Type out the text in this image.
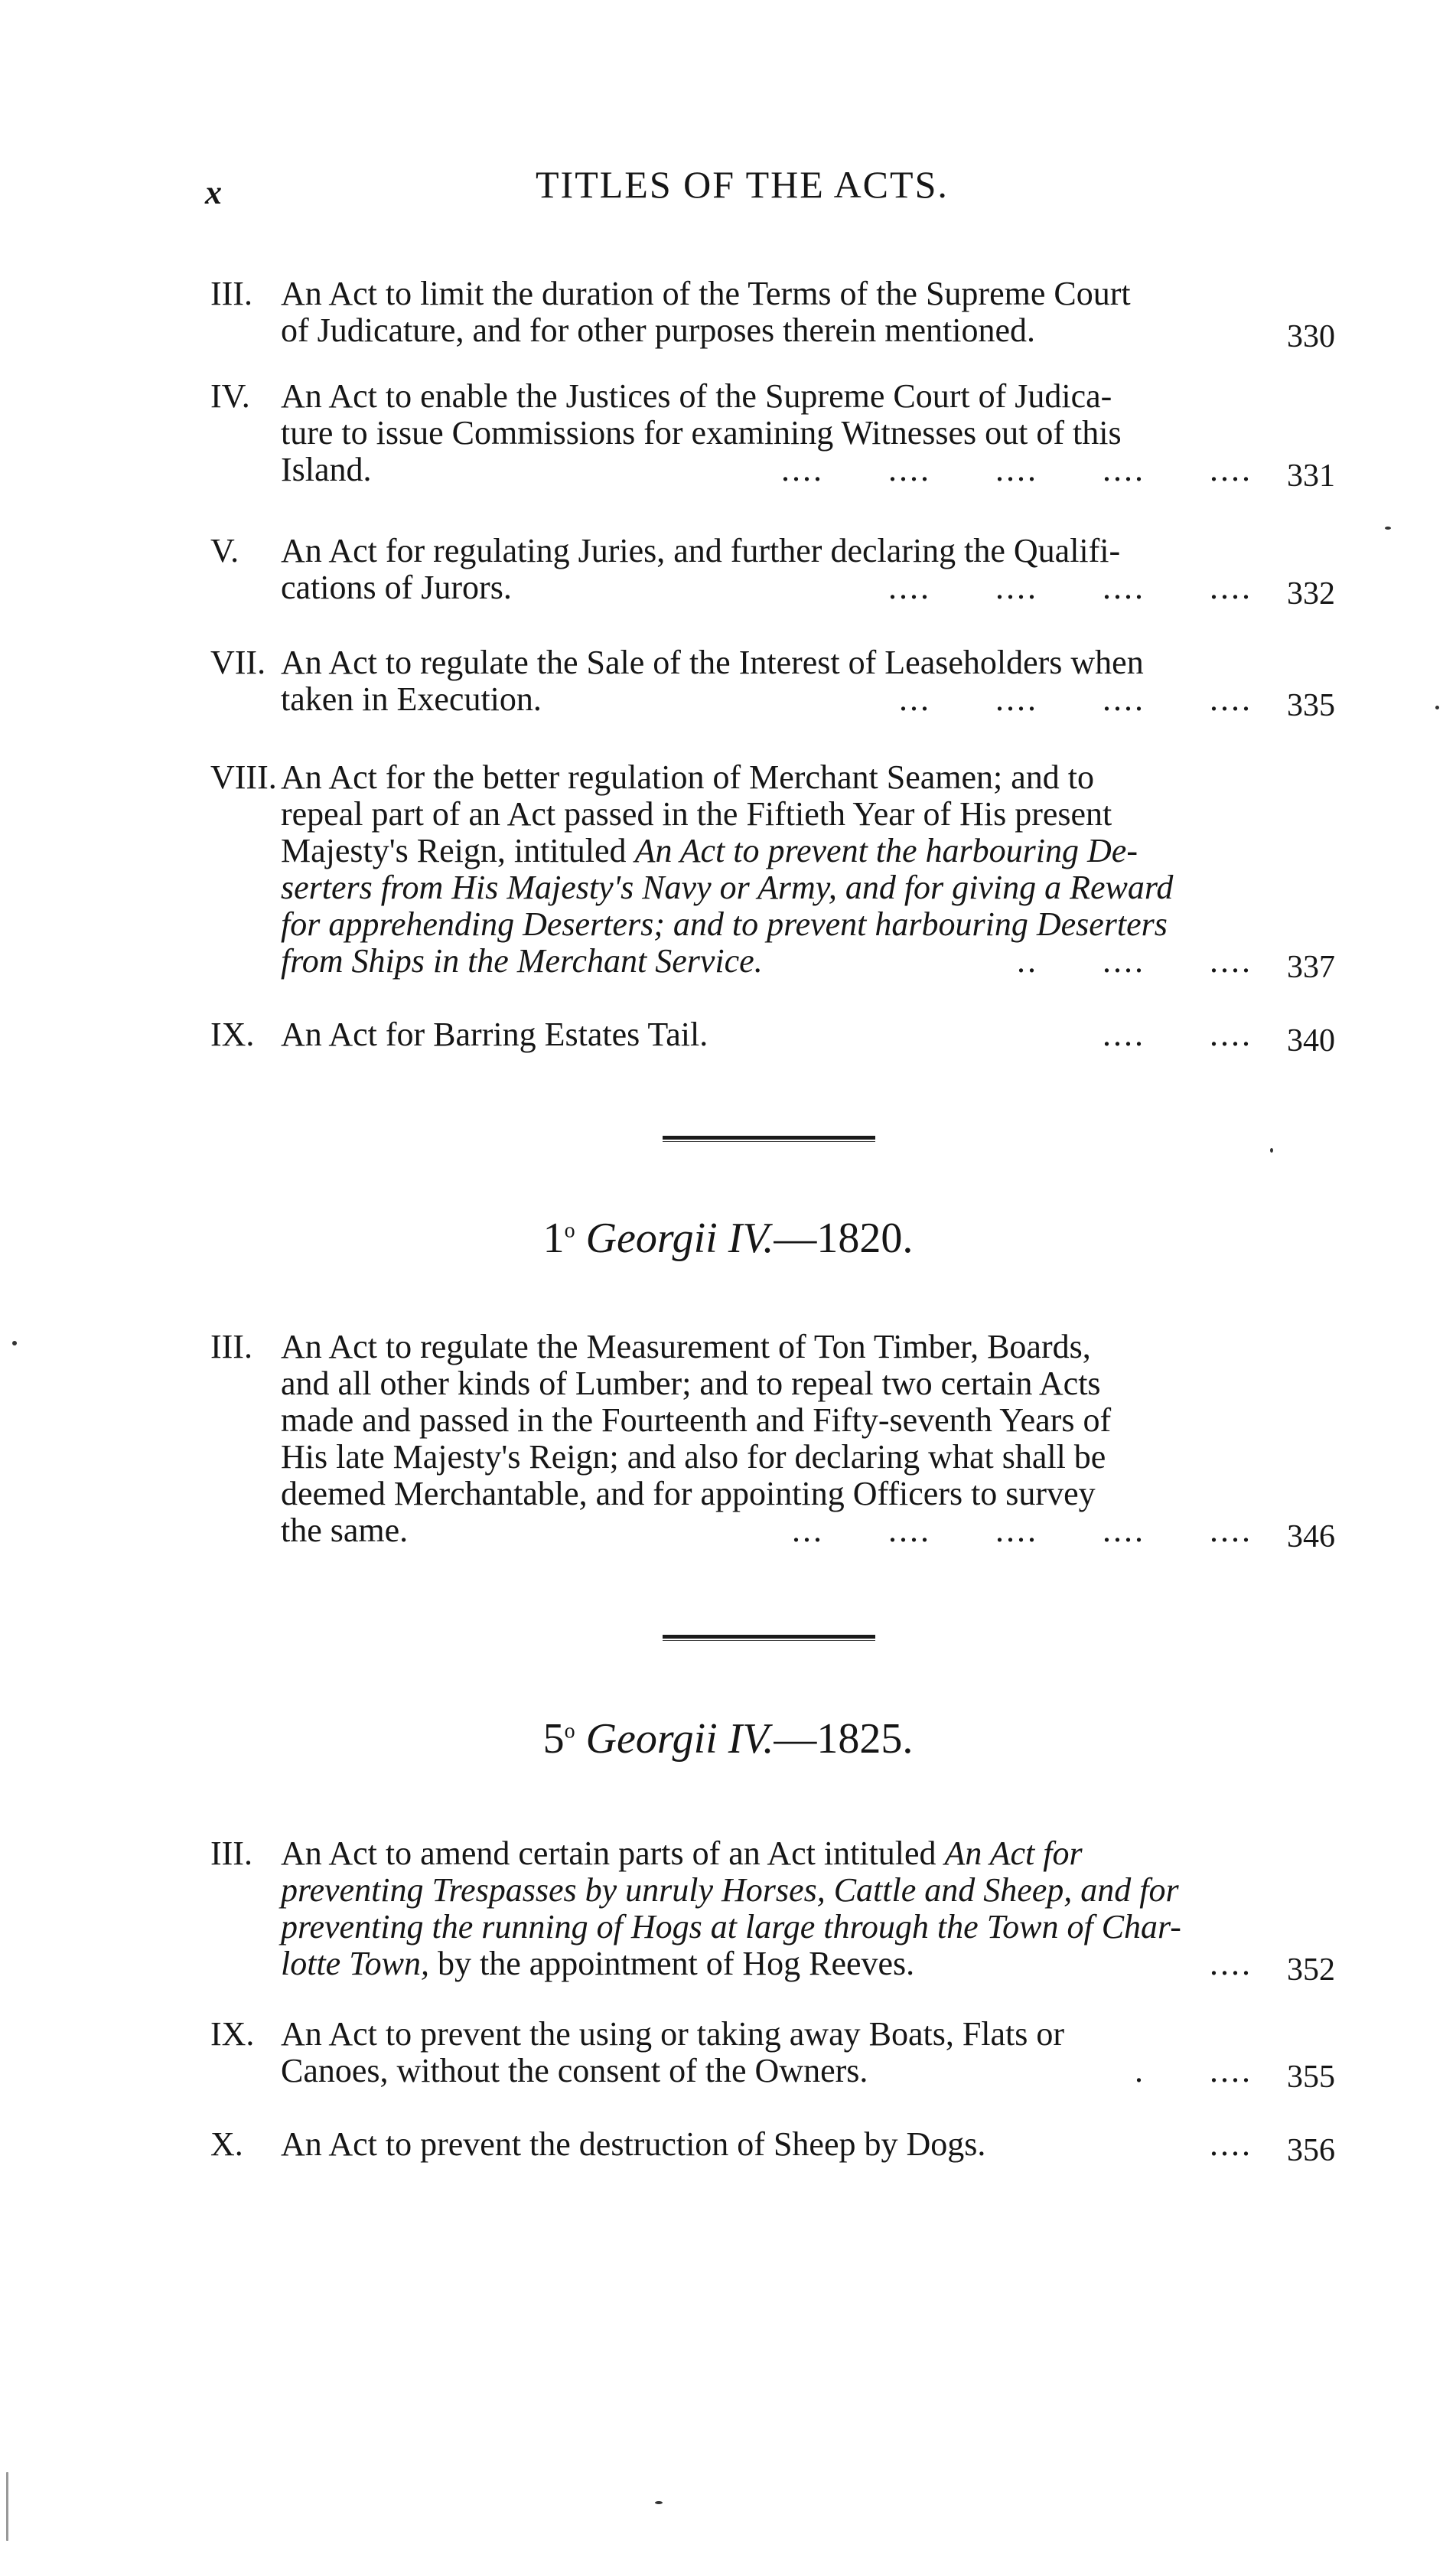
x	TITLES OF THE ACTS.
III. An Act to limit the duration of the Terms of the Supreme Court
of Judicature, and for other purposes therein mentioned.	330
IV. An Act to enable the Justices of the Supreme Court of Judica-
ture to issue Commissions for examining Witnesses out of this
Island.	....      ....      ....      ....      .... 331
V. An Act for regulating Juries, and further declaring the Qualifi-
cations of Jurors.	....      ....      ....      .... 332
VII. An Act to regulate the Sale of the Interest of Leaseholders when
taken in Execution.	...      ....      ....      .... 335
VIII. An Act for the better regulation of Merchant Seamen; and to
repeal part of an Act passed in the Fiftieth Year of His present
Majesty's Reign, intituled An Act to prevent the harbouring De-
serters from His Majesty's Navy or Army, and for giving a Reward
for apprehending Deserters; and to prevent harbouring Deserters
from Ships in the Merchant Service.	..      ....      .... 337
IX. An Act for Barring Estates Tail.	....      .... 340
1$^o$ Georgii IV.—1820.
III. An Act to regulate the Measurement of Ton Timber, Boards,
and all other kinds of Lumber; and to repeal two certain Acts
made and passed in the Fourteenth and Fifty-seventh Years of
His late Majesty's Reign; and also for declaring what shall be
deemed Merchantable, and for appointing Officers to survey
the same.	...      ....      ....      ....      .... 346
5$^o$ Georgii IV.—1825.
III. An Act to amend certain parts of an Act intituled An Act for
preventing Trespasses by unruly Horses, Cattle and Sheep, and for
preventing the running of Hogs at large through the Town of Char-
lotte Town, by the appointment of Hog Reeves.	.... 352
IX. An Act to prevent the using or taking away Boats, Flats or
Canoes, without the consent of the Owners.	.      .... 355
X. An Act to prevent the destruction of Sheep by Dogs.	.... 356
